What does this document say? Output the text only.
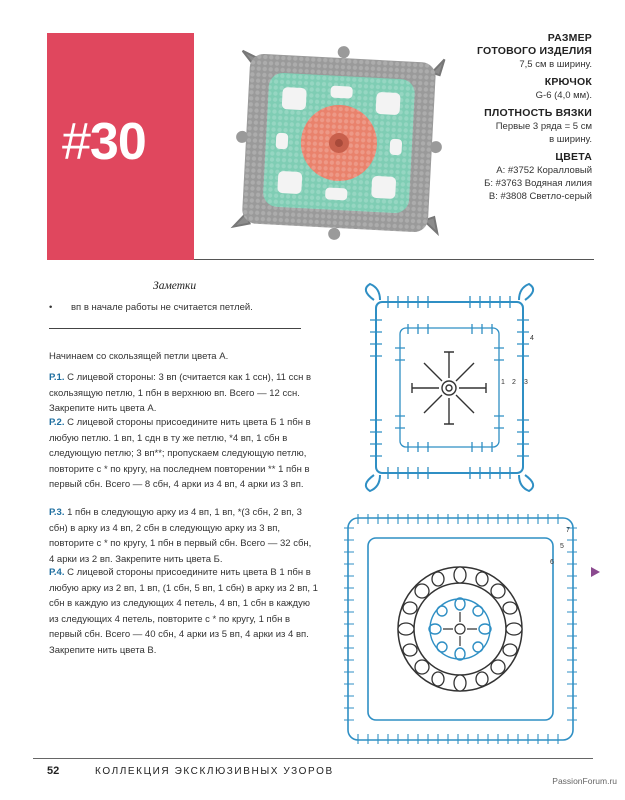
#30
РАЗМЕР
ГОТОВОГО ИЗДЕЛИЯ
7,5 см в ширину.
КРЮЧОК
G-6 (4,0 мм).
ПЛОТНОСТЬ ВЯЗКИ
Первые 3 ряда = 5 см
в ширину.
ЦВЕТА
А: #3752 Коралловый
Б: #3763 Водяная лилия
В: #3808 Светло-серый
Заметки
• вп в начале работы не считается петлей.
Начинаем со скользящей петли цвета А.
Р.1. С лицевой стороны: 3 вп (считается как 1 ссн), 11 ссн в скользящую петлю, 1 пбн в верхнюю вп. Всего — 12 ссн. Закрепите нить цвета А.
Р.2. С лицевой стороны присоедините нить цвета Б 1 пбн в любую петлю. 1 вп, 1 сдн в ту же петлю, *4 вп, 1 сбн в следующую петлю; 3 вп**; пропускаем следующую петлю, повторите с * по кругу, на последнем повторении ** 1 пбн в первый сбн. Всего — 8 сбн, 4 арки из 4 вп, 4 арки из 3 вп.
Р.3. 1 пбн в следующую арку из 4 вп, 1 вп, *(3 сбн, 2 вп, 3 сбн) в арку из 4 вп, 2 сбн в следующую арку из 3 вп, повторите с * по кругу, 1 пбн в первый сбн. Всего — 32 сбн, 4 арки из 2 вп. Закрепите нить цвета Б.
Р.4. С лицевой стороны присоедините нить цвета В 1 пбн в любую арку из 2 вп, 1 вп, (1 сбн, 5 вп, 1 сбн) в арку из 2 вп, 1 сбн в каждую из следующих 4 петель, 4 вп, 1 сбн в каждую из следующих 4 петель, повторите с * по кругу, 1 пбн в первый сбн. Всего — 40 сбн, 4 арки из 5 вп, 4 арки из 4 вп. Закрепите нить цвета В.
1 2 3
4
5
6
7
52	КОЛЛЕКЦИЯ ЭКСКЛЮЗИВНЫХ УЗОРОВ
PassionForum.ru
